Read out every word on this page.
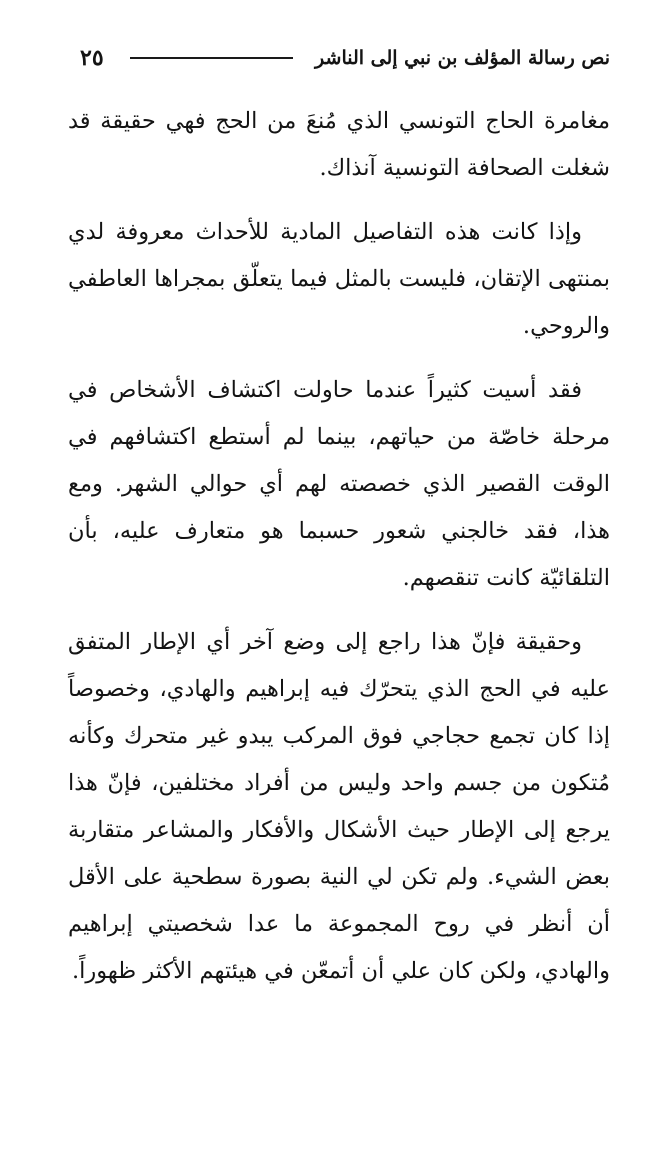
نص رسالة المؤلف بن نبي إلى الناشر
٢٥

مغامرة الحاج التونسي الذي مُنعَ من الحج فهي حقيقة قد شغلت الصحافة التونسية آنذاك.

وإذا كانت هذه التفاصيل المادية للأحداث معروفة لدي بمنتهى الإتقان، فليست بالمثل فيما يتعلّق بمجراها العاطفي والروحي.

فقد أسيت كثيراً عندما حاولت اكتشاف الأشخاص في مرحلة خاصّة من حياتهم، بينما لم أستطع اكتشافهم في الوقت القصير الذي خصصته لهم أي حوالي الشهر. ومع هذا، فقد خالجني شعور حسبما هو متعارف عليه، بأن التلقائيّة كانت تنقصهم.

وحقيقة فإنّ هذا راجع إلى وضع آخر أي الإطار المتفق عليه في الحج الذي يتحرّك فيه إبراهيم والهادي، وخصوصاً إذا كان تجمع حجاجي فوق المركب يبدو غير متحرك وكأنه مُتكون من جسم واحد وليس من أفراد مختلفين، فإنّ هذا يرجع إلى الإطار حيث الأشكال والأفكار والمشاعر متقاربة بعض الشيء. ولم تكن لي النية بصورة سطحية على الأقل أن أنظر في روح المجموعة ما عدا شخصيتي إبراهيم والهادي، ولكن كان علي أن أتمعّن في هيئتهم الأكثر ظهوراً.
